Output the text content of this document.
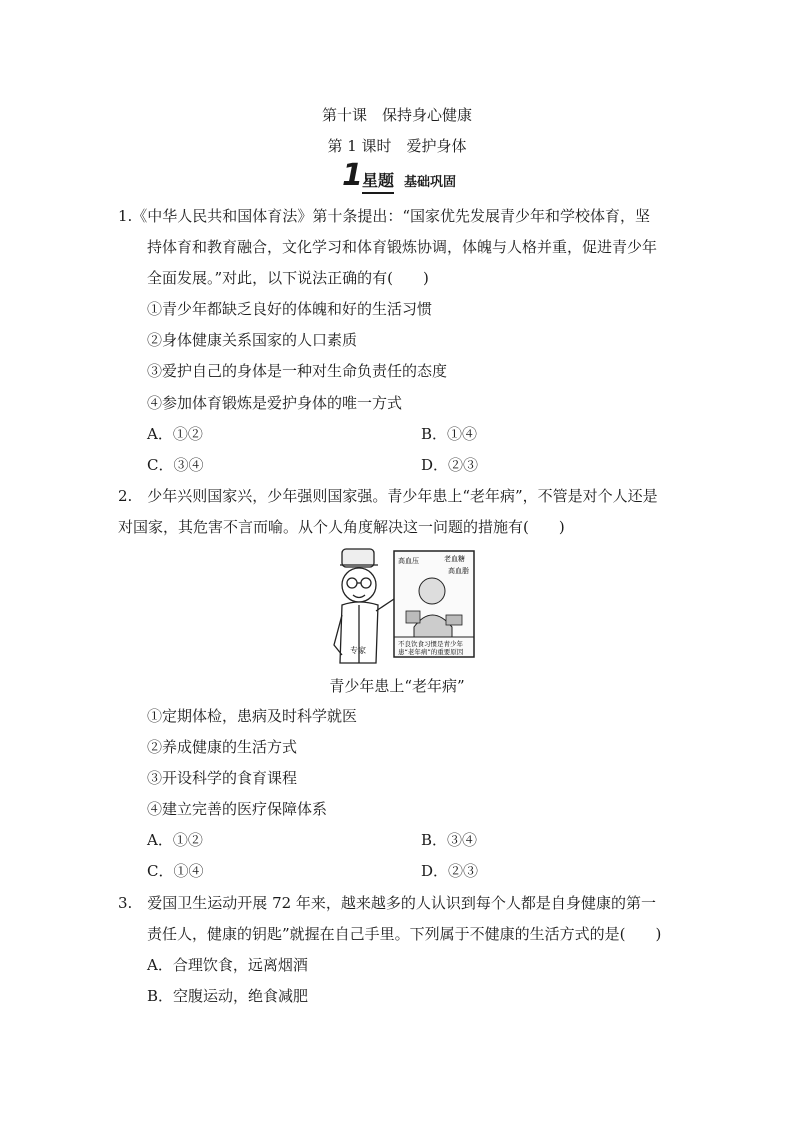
第十课　保持身心健康
第 1 课时　爱护身体
1 星题 基础巩固
1.《中华人民共和国体育法》第十条提出：“国家优先发展青少年和学校体育，坚
持体育和教育融合，文化学习和体育锻炼协调，体魄与人格并重，促进青少年
全面发展。”对此，以下说法正确的有(　　)
①青少年都缺乏良好的体魄和好的生活习惯
②身体健康关系国家的人口素质
③爱护自己的身体是一种对生命负责任的态度
④参加体育锻炼是爱护身体的唯一方式
A．①②	B．①④
C．③④	D．②③
2.　少年兴则国家兴，少年强则国家强。青少年患上“老年病”，不管是对个人还是
对国家，其危害不言而喻。从个人角度解决这一问题的措施有(　　)
专家
高血压	老血糖
高血脂
不良饮食习惯是青少年
患“老年病”的重要原因
青少年患上“老年病”
①定期体检，患病及时科学就医
②养成健康的生活方式
③开设科学的食育课程
④建立完善的医疗保障体系
A．①②	B．③④
C．①④	D．②③
3.　爱国卫生运动开展 72 年来，越来越多的人认识到每个人都是自身健康的第一
责任人，健康的钥匙”就握在自己手里。下列属于不健康的生活方式的是(　　)
A．合理饮食，远离烟酒
B．空腹运动，绝食减肥
